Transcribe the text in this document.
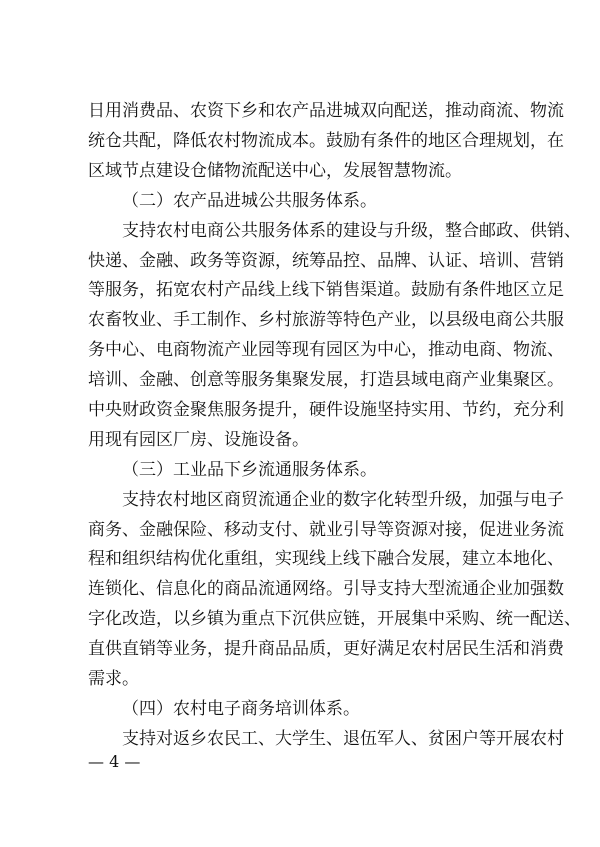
日用消费品、农资下乡和农产品进城双向配送，推动商流、物流
统仓共配，降低农村物流成本。鼓励有条件的地区合理规划，在
区域节点建设仓储物流配送中心，发展智慧物流。
（二）农产品进城公共服务体系。
支持农村电商公共服务体系的建设与升级，整合邮政、供销、
快递、金融、政务等资源，统筹品控、品牌、认证、培训、营销
等服务，拓宽农村产品线上线下销售渠道。鼓励有条件地区立足
农畜牧业、手工制作、乡村旅游等特色产业，以县级电商公共服
务中心、电商物流产业园等现有园区为中心，推动电商、物流、
培训、金融、创意等服务集聚发展，打造县域电商产业集聚区。
中央财政资金聚焦服务提升，硬件设施坚持实用、节约，充分利
用现有园区厂房、设施设备。
（三）工业品下乡流通服务体系。
支持农村地区商贸流通企业的数字化转型升级，加强与电子
商务、金融保险、移动支付、就业引导等资源对接，促进业务流
程和组织结构优化重组，实现线上线下融合发展，建立本地化、
连锁化、信息化的商品流通网络。引导支持大型流通企业加强数
字化改造，以乡镇为重点下沉供应链，开展集中采购、统一配送、
直供直销等业务，提升商品品质，更好满足农村居民生活和消费
需求。
— 4 —
（四）农村电子商务培训体系。
支持对返乡农民工、大学生、退伍军人、贫困户等开展农村
